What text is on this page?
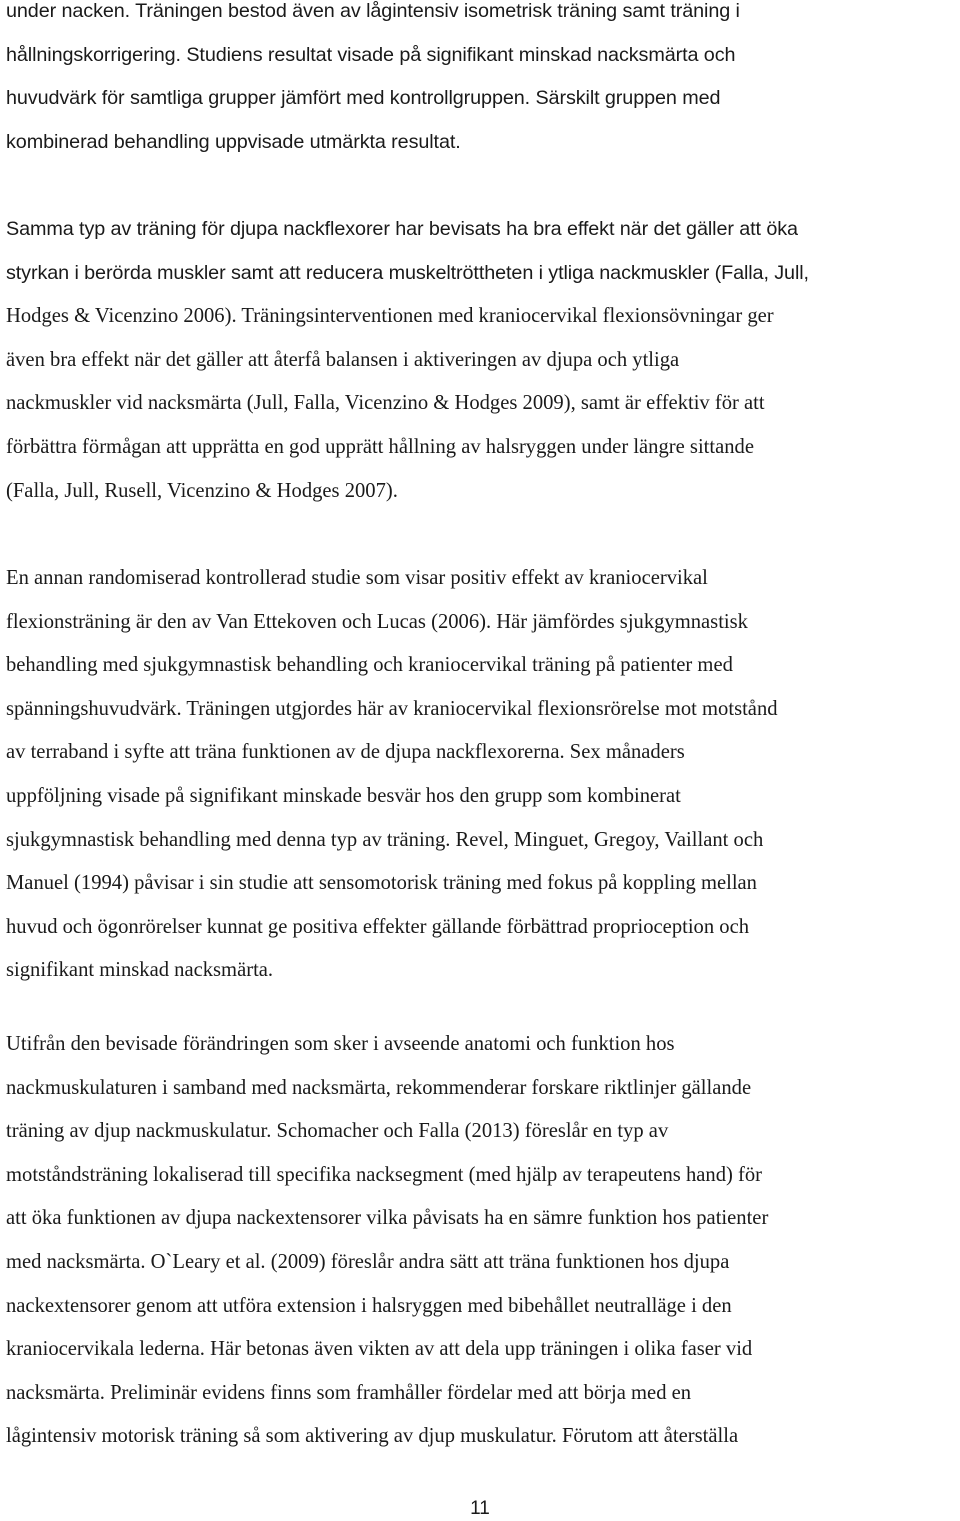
under nacken. Träningen bestod även av lågintensiv isometrisk träning samt träning i
hållningskorrigering. Studiens resultat visade på signifikant minskad nacksmärta och
huvudvärk för samtliga grupper jämfört med kontrollgruppen. Särskilt gruppen med
kombinerad behandling uppvisade utmärkta resultat.
Samma typ av träning för djupa nackflexorer har bevisats ha bra effekt när det gäller att öka
styrkan i berörda muskler samt att reducera muskeltröttheten i ytliga nackmuskler (Falla, Jull,
Hodges & Vicenzino 2006). Träningsinterventionen med kraniocervikal flexionsövningar ger
även bra effekt när det gäller att återfå balansen i aktiveringen av djupa och ytliga
nackmuskler vid nacksmärta (Jull, Falla, Vicenzino & Hodges 2009), samt är effektiv för att
förbättra förmågan att upprätta en god upprätt hållning av halsryggen under längre sittande
(Falla, Jull, Rusell, Vicenzino & Hodges 2007).
En annan randomiserad kontrollerad studie som visar positiv effekt av kraniocervikal
flexionsträning är den av Van Ettekoven och Lucas (2006). Här jämfördes sjukgymnastisk
behandling med sjukgymnastisk behandling och kraniocervikal träning på patienter med
spänningshuvudvärk. Träningen utgjordes här av kraniocervikal flexionsrörelse mot motstånd
av terraband i syfte att träna funktionen av de djupa nackflexorerna. Sex månaders
uppföljning visade på signifikant minskade besvär hos den grupp som kombinerat
sjukgymnastisk behandling med denna typ av träning. Revel, Minguet, Gregoy, Vaillant och
Manuel (1994) påvisar i sin studie att sensomotorisk träning med fokus på koppling mellan
huvud och ögonrörelser kunnat ge positiva effekter gällande förbättrad proprioception och
signifikant minskad nacksmärta.
Utifrån den bevisade förändringen som sker i avseende anatomi och funktion hos
nackmuskulaturen i samband med nacksmärta, rekommenderar forskare riktlinjer gällande
träning av djup nackmuskulatur. Schomacher och Falla (2013) föreslår en typ av
motståndsträning lokaliserad till specifika nacksegment (med hjälp av terapeutens hand) för
att öka funktionen av djupa nackextensorer vilka påvisats ha en sämre funktion hos patienter
med nacksmärta. O`Leary et al. (2009) föreslår andra sätt att träna funktionen hos djupa
nackextensorer genom att utföra extension i halsryggen med bibehållet neutralläge i den
kraniocervikala lederna. Här betonas även vikten av att dela upp träningen i olika faser vid
nacksmärta. Preliminär evidens finns som framhåller fördelar med att börja med en
lågintensiv motorisk träning så som aktivering av djup muskulatur. Förutom att återställa
11
